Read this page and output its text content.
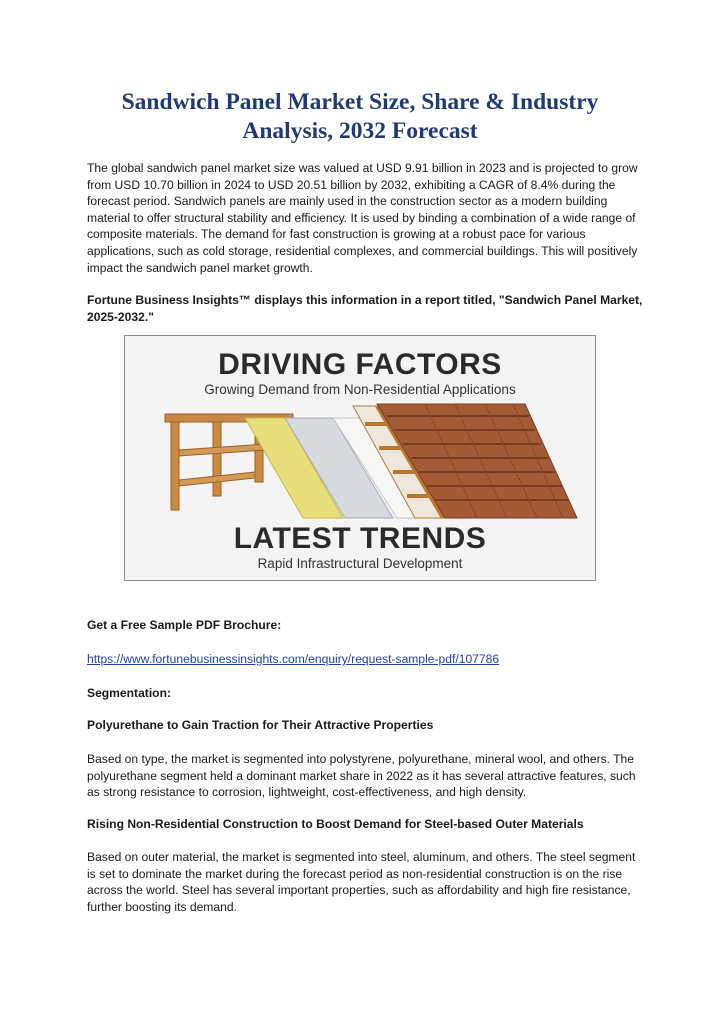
Sandwich Panel Market Size, Share & Industry Analysis, 2032 Forecast

The global sandwich panel market size was valued at USD 9.91 billion in 2023 and is projected to grow from USD 10.70 billion in 2024 to USD 20.51 billion by 2032, exhibiting a CAGR of 8.4% during the forecast period. Sandwich panels are mainly used in the construction sector as a modern building material to offer structural stability and efficiency. It is used by binding a combination of a wide range of composite materials. The demand for fast construction is growing at a robust pace for various applications, such as cold storage, residential complexes, and commercial buildings. This will positively impact the sandwich panel market growth.

Fortune Business Insights™ displays this information in a report titled, "Sandwich Panel Market, 2025-2032."

DRIVING FACTORS
Growing Demand from Non-Residential Applications
LATEST TRENDS
Rapid Infrastructural Development

Get a Free Sample PDF Brochure:

https://www.fortunebusinessinsights.com/enquiry/request-sample-pdf/107786

Segmentation:

Polyurethane to Gain Traction for Their Attractive Properties

Based on type, the market is segmented into polystyrene, polyurethane, mineral wool, and others. The polyurethane segment held a dominant market share in 2022 as it has several attractive features, such as strong resistance to corrosion, lightweight, cost-effectiveness, and high density.

Rising Non-Residential Construction to Boost Demand for Steel-based Outer Materials

Based on outer material, the market is segmented into steel, aluminum, and others. The steel segment is set to dominate the market during the forecast period as non-residential construction is on the rise across the world. Steel has several important properties, such as affordability and high fire resistance, further boosting its demand.
